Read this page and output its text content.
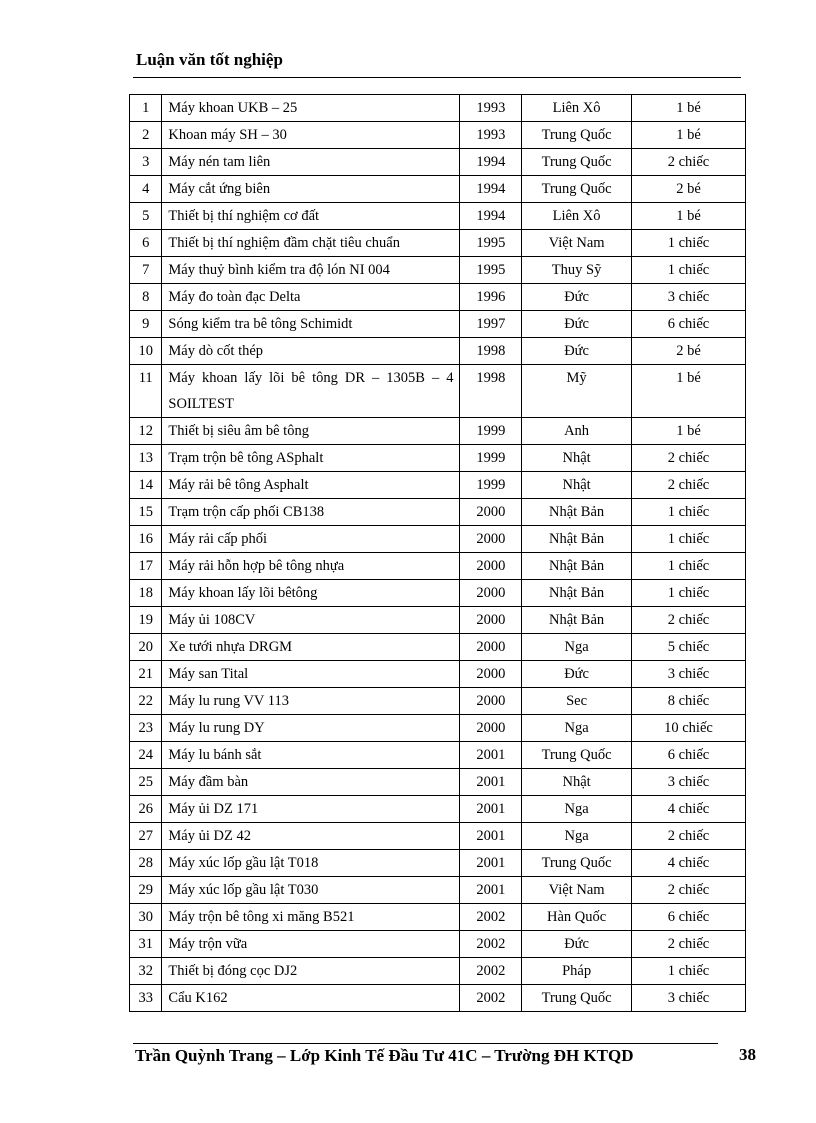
Luận văn tốt nghiệp
1	Máy khoan UKB – 25	1993	Liên Xô	1 bé
2	Khoan máy SH – 30	1993	Trung Quốc	1 bé
3	Máy nén tam liên	1994	Trung Quốc	2 chiếc
4	Máy cắt ứng biên	1994	Trung Quốc	2 bé
5	Thiết bị thí nghiệm cơ đất	1994	Liên Xô	1 bé
6	Thiết bị thí nghiệm đầm chặt tiêu chuẩn	1995	Việt Nam	1 chiếc
7	Máy thuỷ bình kiểm tra độ lón NI 004	1995	Thuy Sỹ	1 chiếc
8	Máy đo toàn đạc Delta	1996	Đức	3 chiếc
9	Sóng kiểm tra bê tông Schimidt	1997	Đức	6 chiếc
10	Máy dò cốt thép	1998	Đức	2 bé
11	Máy khoan lấy lõi bê tông DR – 1305B – 4 SOILTEST	1998	Mỹ	1 bé
12	Thiết bị siêu âm bê tông	1999	Anh	1 bé
13	Trạm trộn bê tông ASphalt	1999	Nhật	2 chiếc
14	Máy rải bê tông Asphalt	1999	Nhật	2 chiếc
15	Trạm trộn cấp phối CB138	2000	Nhật Bản	1 chiếc
16	Máy rải cấp phối	2000	Nhật Bản	1 chiếc
17	Máy rải hỗn hợp bê tông nhựa	2000	Nhật Bản	1 chiếc
18	Máy khoan lấy lõi bêtông	2000	Nhật Bản	1 chiếc
19	Máy ủi 108CV	2000	Nhật Bản	2 chiếc
20	Xe tưới nhựa DRGM	2000	Nga	5 chiếc
21	Máy san Tital	2000	Đức	3 chiếc
22	Máy lu rung VV 113	2000	Sec	8 chiếc
23	Máy lu rung DY	2000	Nga	10 chiếc
24	Máy lu bánh sắt	2001	Trung Quốc	6 chiếc
25	Máy đầm bàn	2001	Nhật	3 chiếc
26	Máy ủi DZ 171	2001	Nga	4 chiếc
27	Máy ủi DZ 42	2001	Nga	2 chiếc
28	Máy xúc lốp gầu lật T018	2001	Trung Quốc	4 chiếc
29	Máy xúc lốp gầu lật T030	2001	Việt Nam	2 chiếc
30	Máy trộn bê tông xi măng B521	2002	Hàn Quốc	6 chiếc
31	Máy trộn vữa	2002	Đức	2 chiếc
32	Thiết bị đóng cọc DJ2	2002	Pháp	1 chiếc
33	Cẩu K162	2002	Trung Quốc	3 chiếc
Trần Quỳnh Trang – Lớp Kinh Tế Đầu Tư 41C – Trường ĐH KTQD	38
